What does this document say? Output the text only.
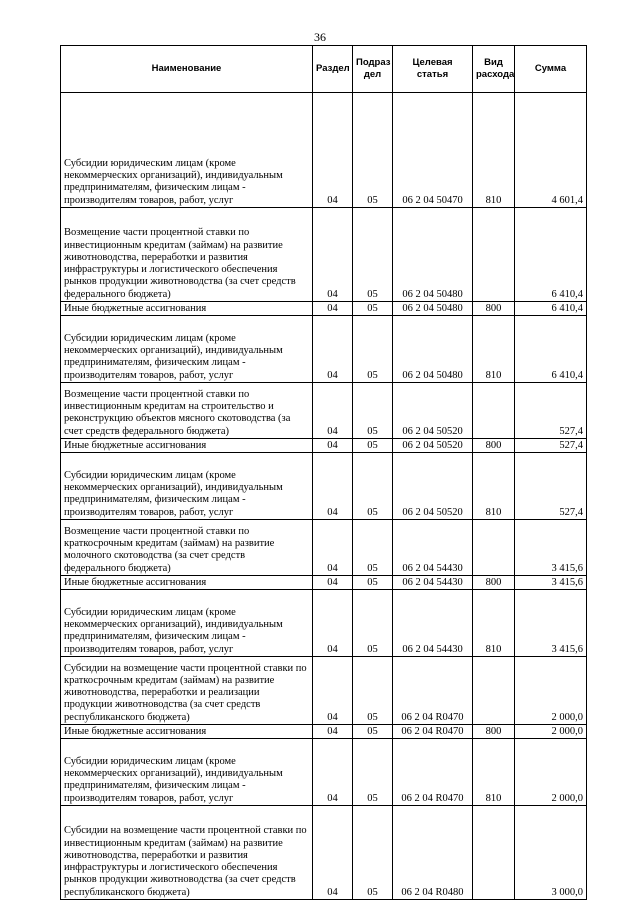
36
Наименование	Раздел	Подраз дел	Целевая статья	Вид расхода	Сумма
Субсидии юридическим лицам (кроме некоммерческих организаций), индивидуальным предпринимателям, физическим лицам - производителям товаров, работ, услуг	04	05	06 2 04 50470	810	4 601,4
Возмещение части процентной ставки по инвестиционным кредитам (займам) на развитие животноводства, переработки и развития инфраструктуры и логистического обеспечения рынков продукции животноводства (за счет средств федерального бюджета)	04	05	06 2 04 50480		6 410,4
Иные бюджетные ассигнования	04	05	06 2 04 50480	800	6 410,4
Субсидии юридическим лицам (кроме некоммерческих организаций), индивидуальным предпринимателям, физическим лицам - производителям товаров, работ, услуг	04	05	06 2 04 50480	810	6 410,4
Возмещение части процентной ставки по инвестиционным кредитам на строительство и реконструкцию объектов мясного скотоводства (за счет средств федерального бюджета)	04	05	06 2 04 50520		527,4
Иные бюджетные ассигнования	04	05	06 2 04 50520	800	527,4
Субсидии юридическим лицам (кроме некоммерческих организаций), индивидуальным предпринимателям, физическим лицам - производителям товаров, работ, услуг	04	05	06 2 04 50520	810	527,4
Возмещение части процентной ставки по краткосрочным кредитам (займам) на развитие молочного скотоводства (за счет средств федерального бюджета)	04	05	06 2 04 54430		3 415,6
Иные бюджетные ассигнования	04	05	06 2 04 54430	800	3 415,6
Субсидии юридическим лицам (кроме некоммерческих организаций), индивидуальным предпринимателям, физическим лицам - производителям товаров, работ, услуг	04	05	06 2 04 54430	810	3 415,6
Субсидии на возмещение части процентной ставки по краткосрочным кредитам (займам) на развитие животноводства, переработки и реализации продукции животноводства (за счет средств республиканского бюджета)	04	05	06 2 04 R0470		2 000,0
Иные бюджетные ассигнования	04	05	06 2 04 R0470	800	2 000,0
Субсидии юридическим лицам (кроме некоммерческих организаций), индивидуальным предпринимателям, физическим лицам - производителям товаров, работ, услуг	04	05	06 2 04 R0470	810	2 000,0
Субсидии на возмещение части процентной ставки по инвестиционным кредитам (займам) на развитие животноводства, переработки и развития инфраструктуры и логистического обеспечения рынков продукции животноводства (за счет средств республиканского бюджета)	04	05	06 2 04 R0480		3 000,0
